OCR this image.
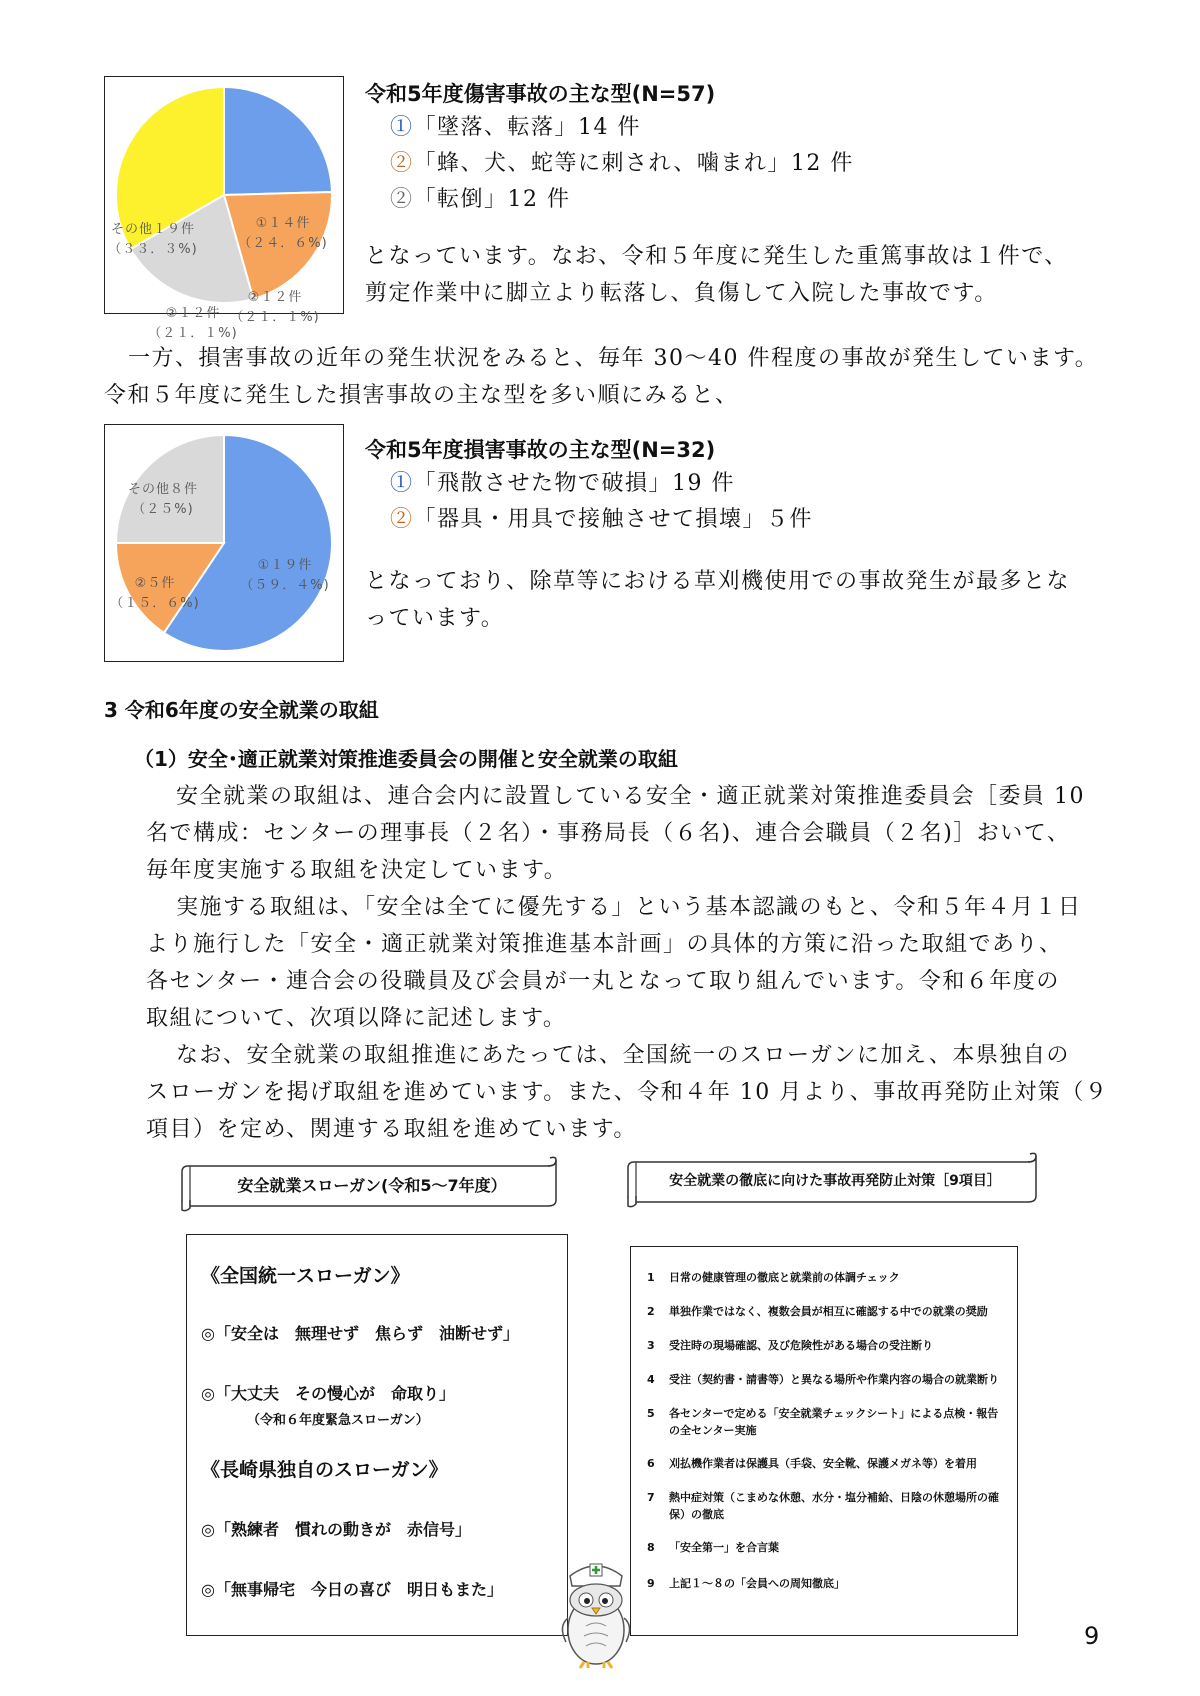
①１４件
（２４．６%)
②１２件
（２１．１%)
②１２件
（２１．１%)
その他１９件
（３３．３%)
令和5年度傷害事故の主な型(N=57)
①「墜落、転落」14 件
②「蜂、犬、蛇等に刺され、噛まれ」12 件
②「転倒」12 件
となっています。なお、令和５年度に発生した重篤事故は１件で、
剪定作業中に脚立より転落し、負傷して入院した事故です。
一方、損害事故の近年の発生状況をみると、毎年 30～40 件程度の事故が発生しています。
令和５年度に発生した損害事故の主な型を多い順にみると、
①１９件
（５９．４%)
②５件
（１５．６%)
その他８件
（２５%)
令和5年度損害事故の主な型(N=32)
①「飛散させた物で破損」19 件
②「器具・用具で接触させて損壊」５件
となっており、除草等における草刈機使用での事故発生が最多とな
っています。
3 令和6年度の安全就業の取組
（1）安全･適正就業対策推進委員会の開催と安全就業の取組
安全就業の取組は、連合会内に設置している安全・適正就業対策推進委員会［委員 10
名で構成：センターの理事長（２名）・事務局長（６名)、連合会職員（２名)］おいて、
毎年度実施する取組を決定しています。
実施する取組は、「安全は全てに優先する」という基本認識のもと、令和５年４月１日
より施行した「安全・適正就業対策推進基本計画」の具体的方策に沿った取組であり、
各センター・連合会の役職員及び会員が一丸となって取り組んでいます。令和６年度の
取組について、次項以降に記述します。
なお、安全就業の取組推進にあたっては、全国統一のスローガンに加え、本県独自の
スローガンを掲げ取組を進めています。また、令和４年 10 月より、事故再発防止対策（９
項目）を定め、関連する取組を進めています。
安全就業スローガン(令和5～7年度）	安全就業の徹底に向けた事故再発防止対策［9項目］
《全国統一スローガン》
◎「安全は　無理せず　焦らず　油断せず」
◎「大丈夫　その慢心が　命取り」
（令和６年度緊急スローガン）
《長崎県独自のスローガン》
◎「熟練者　慣れの動きが　赤信号」
◎「無事帰宅　今日の喜び　明日もまた」
1 日常の健康管理の徹底と就業前の体調チェック
2 単独作業ではなく、複数会員が相互に確認する中での就業の奨励
3 受注時の現場確認、及び危険性がある場合の受注断り
4 受注（契約書・請書等）と異なる場所や作業内容の場合の就業断り
5 各センターで定める「安全就業チェックシート」による点検・報告
の全センター実施
6 刈払機作業者は保護具（手袋、安全靴、保護メガネ等）を着用
7 熱中症対策（こまめな休憩、水分・塩分補給、日陰の休憩場所の確
保）の徹底
8 「安全第一」を合言葉
9 上記１～８の「会員への周知徹底」
9
